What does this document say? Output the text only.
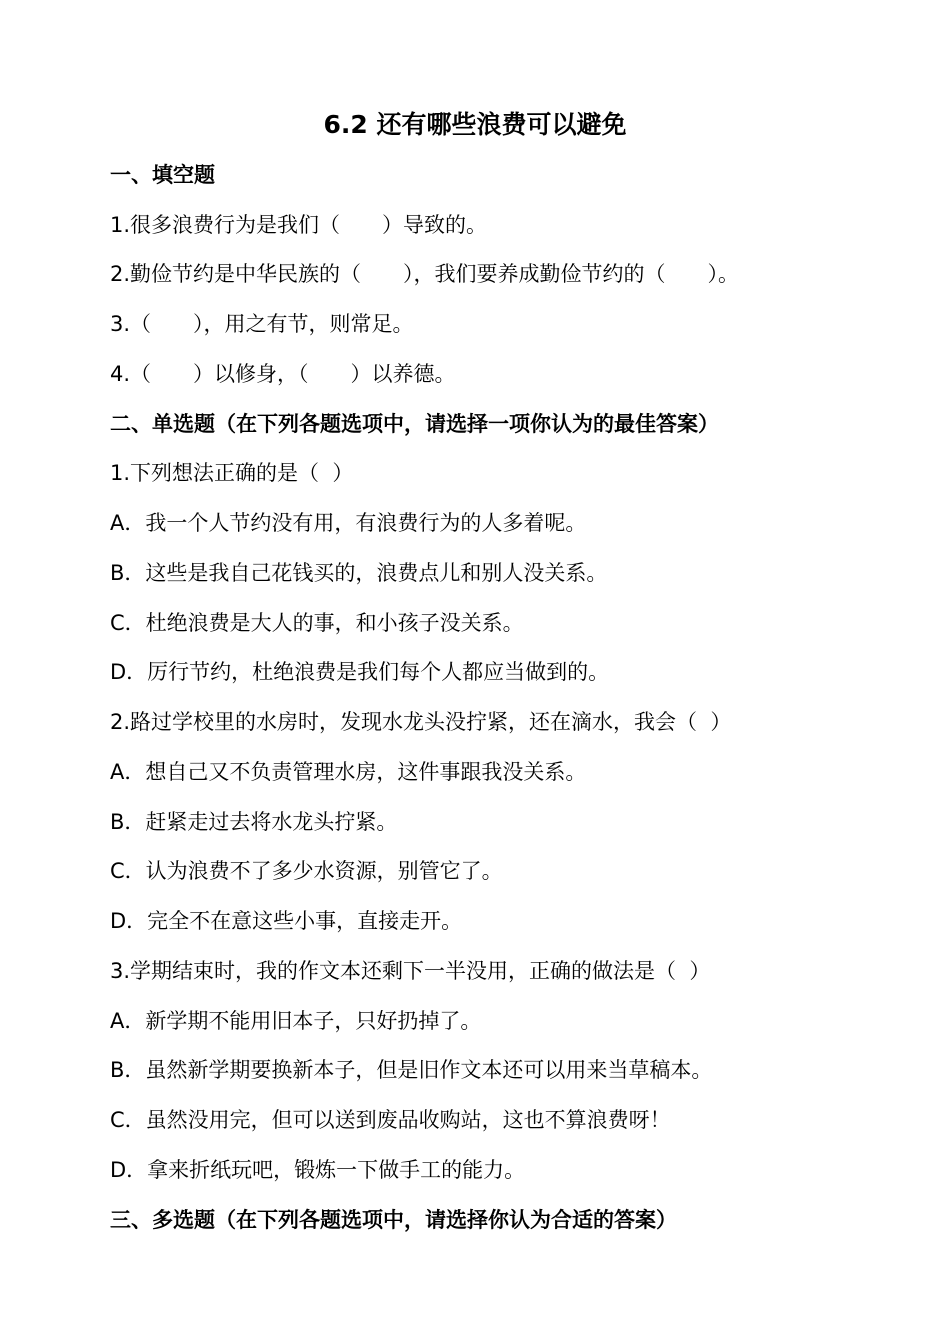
6.2 还有哪些浪费可以避免

一、填空题

1.很多浪费行为是我们（　　）导致的。

2.勤俭节约是中华民族的（　　），我们要养成勤俭节约的（　　）。

3.（　　），用之有节，则常足。

4.（　　）以修身，（　　）以养德。

二、单选题（在下列各题选项中，请选择一项你认为的最佳答案）

1.下列想法正确的是（  ）

A．我一个人节约没有用，有浪费行为的人多着呢。

B．这些是我自己花钱买的，浪费点儿和别人没关系。

C．杜绝浪费是大人的事，和小孩子没关系。

D．厉行节约，杜绝浪费是我们每个人都应当做到的。

2.路过学校里的水房时，发现水龙头没拧紧，还在滴水，我会（  ）

A．想自己又不负责管理水房，这件事跟我没关系。

B．赶紧走过去将水龙头拧紧。

C．认为浪费不了多少水资源，别管它了。

D．完全不在意这些小事，直接走开。

3.学期结束时，我的作文本还剩下一半没用，正确的做法是（  ）

A．新学期不能用旧本子，只好扔掉了。

B．虽然新学期要换新本子，但是旧作文本还可以用来当草稿本。

C．虽然没用完，但可以送到废品收购站，这也不算浪费呀！

D．拿来折纸玩吧，锻炼一下做手工的能力。

三、多选题（在下列各题选项中，请选择你认为合适的答案）
